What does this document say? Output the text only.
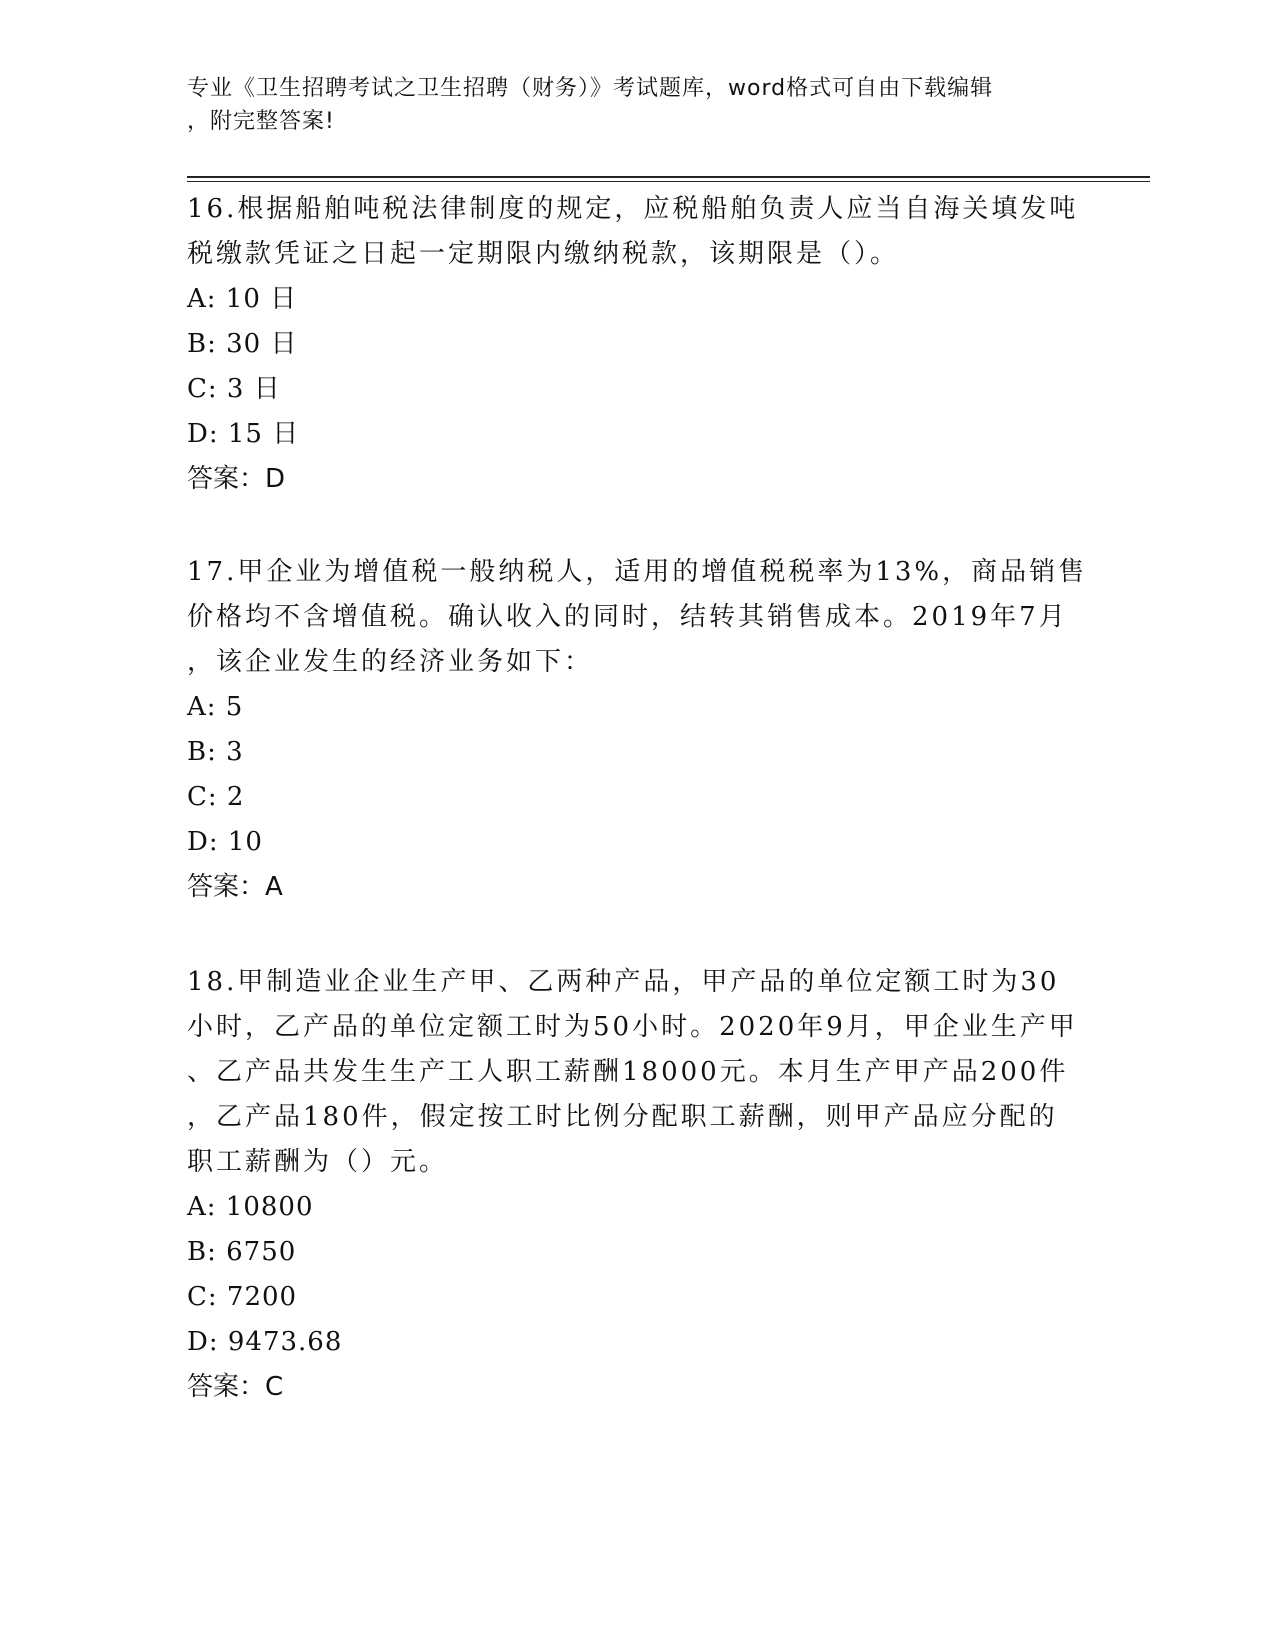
专业《卫生招聘考试之卫生招聘（财务）》考试题库，word格式可自由下载编辑
，附完整答案!
16.根据船舶吨税法律制度的规定，应税船舶负责人应当自海关填发吨
税缴款凭证之日起一定期限内缴纳税款，该期限是（）。
A: 10 日
B: 30 日
C: 3 日
D: 15 日
答案：D
17.甲企业为增值税一般纳税人，适用的增值税税率为13%，商品销售
价格均不含增值税。确认收入的同时，结转其销售成本。2019年7月
，该企业发生的经济业务如下：
A: 5
B: 3
C: 2
D: 10
答案：A
18.甲制造业企业生产甲、乙两种产品，甲产品的单位定额工时为30
小时，乙产品的单位定额工时为50小时。2020年9月，甲企业生产甲
、乙产品共发生生产工人职工薪酬18000元。本月生产甲产品200件
，乙产品180件，假定按工时比例分配职工薪酬，则甲产品应分配的
职工薪酬为（）元。
A: 10800
B: 6750
C: 7200
D: 9473.68
答案：C
